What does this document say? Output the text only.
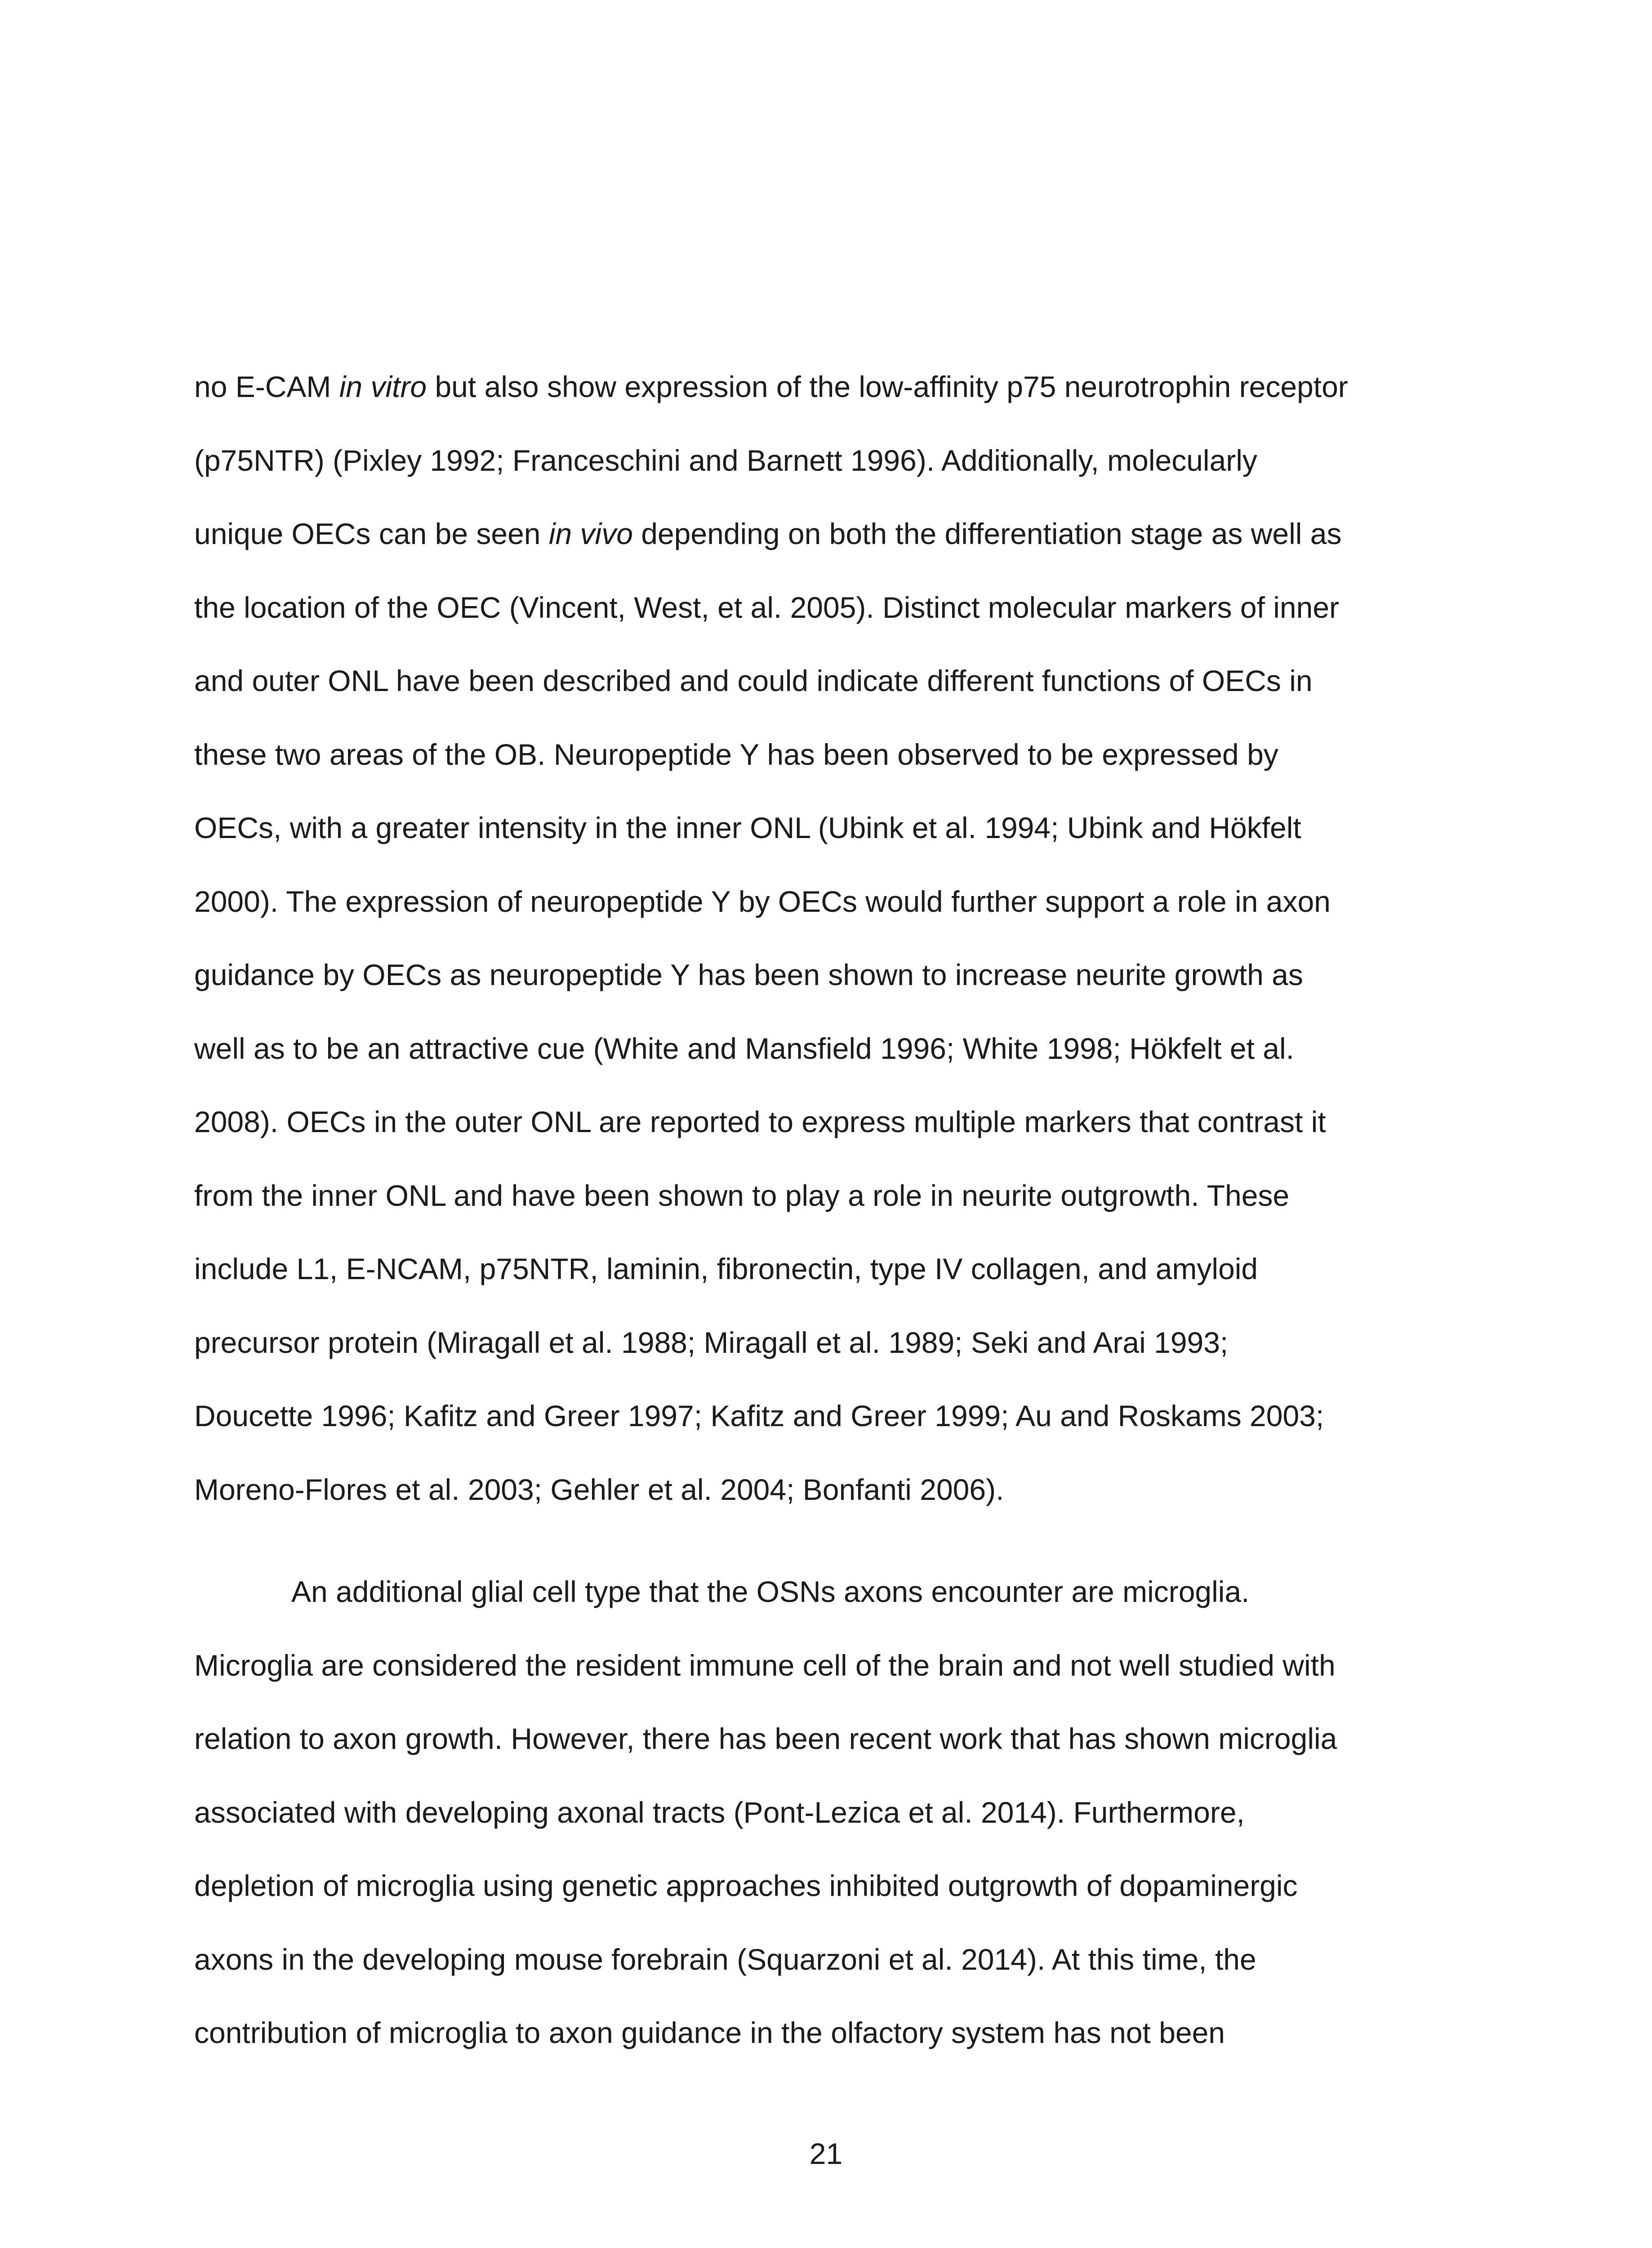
no E-CAM in vitro but also show expression of the low-affinity p75 neurotrophin receptor
(p75NTR) (Pixley 1992; Franceschini and Barnett 1996). Additionally, molecularly
unique OECs can be seen in vivo depending on both the differentiation stage as well as
the location of the OEC (Vincent, West, et al. 2005). Distinct molecular markers of inner
and outer ONL have been described and could indicate different functions of OECs in
these two areas of the OB. Neuropeptide Y has been observed to be expressed by
OECs, with a greater intensity in the inner ONL (Ubink et al. 1994; Ubink and Hökfelt
2000). The expression of neuropeptide Y by OECs would further support a role in axon
guidance by OECs as neuropeptide Y has been shown to increase neurite growth as
well as to be an attractive cue (White and Mansfield 1996; White 1998; Hökfelt et al.
2008). OECs in the outer ONL are reported to express multiple markers that contrast it
from the inner ONL and have been shown to play a role in neurite outgrowth. These
include L1, E-NCAM, p75NTR, laminin, fibronectin, type IV collagen, and amyloid
precursor protein (Miragall et al. 1988; Miragall et al. 1989; Seki and Arai 1993;
Doucette 1996; Kafitz and Greer 1997; Kafitz and Greer 1999; Au and Roskams 2003;
Moreno-Flores et al. 2003; Gehler et al. 2004; Bonfanti 2006).
An additional glial cell type that the OSNs axons encounter are microglia.
Microglia are considered the resident immune cell of the brain and not well studied with
relation to axon growth. However, there has been recent work that has shown microglia
associated with developing axonal tracts (Pont-Lezica et al. 2014). Furthermore,
depletion of microglia using genetic approaches inhibited outgrowth of dopaminergic
axons in the developing mouse forebrain (Squarzoni et al. 2014). At this time, the
contribution of microglia to axon guidance in the olfactory system has not been
21
